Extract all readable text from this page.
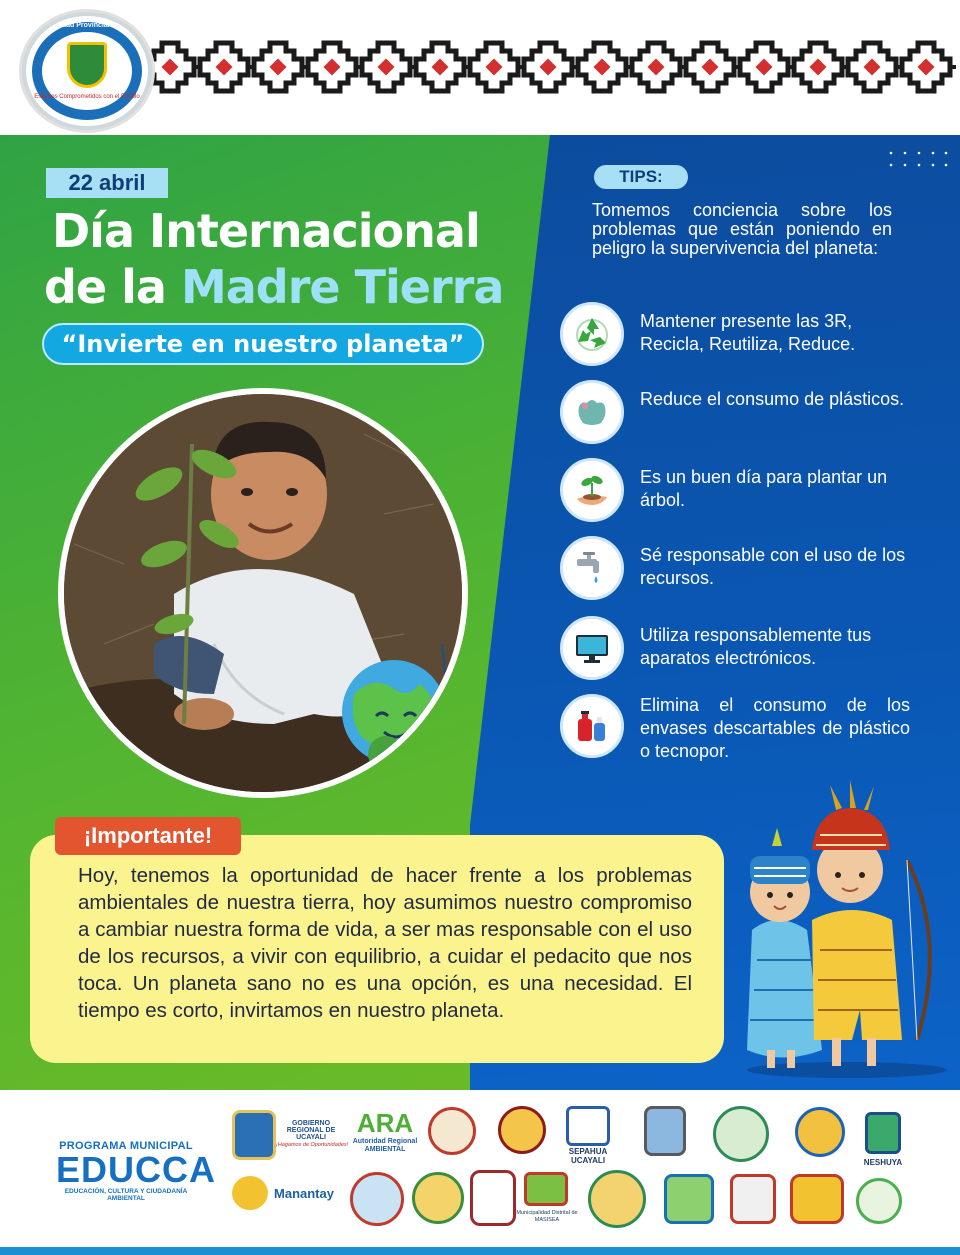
Municipalidad Provincial de Atalaya
Estamos Comprometidos con el Pueblo
22 abril
Día Internacional
de la Madre Tierra
“Invierte en nuestro planeta”
TIPS:
Tomemos conciencia sobre los problemas que están poniendo en peligro la supervivencia del planeta:
Mantener presente las 3R, Recicla, Reutiliza, Reduce.
Reduce el consumo de plásticos.
Es un buen día para plantar un árbol.
Sé responsable con el uso de los recursos.
Utiliza responsablemente tus aparatos electrónicos.
Elimina el consumo de los envases descartables de plástico o tecnopor.
¡Importante!
Hoy, tenemos la oportunidad de hacer frente a los problemas ambientales de nuestra tierra, hoy asumimos nuestro compromiso a cambiar nuestra forma de vida, a ser mas responsable con el uso de los recursos, a vivir con equilibrio, a cuidar el pedacito que nos toca. Un planeta sano no es una opción, es una necesidad. El tiempo es corto, invirtamos en nuestro planeta.
PROGRAMA MUNICIPAL
EDUCCA
EDUCACIÓN, CULTURA Y CIUDADANÍA AMBIENTAL
GOBIERNO REGIONAL DE UCAYALI
¡Hagamos de Oportunidades!
ARA
Autoridad Regional AMBIENTAL	SEPAHUA UCAYALI	NESHUYA
Manantay
Municipalidad Distrital de MASISEA
